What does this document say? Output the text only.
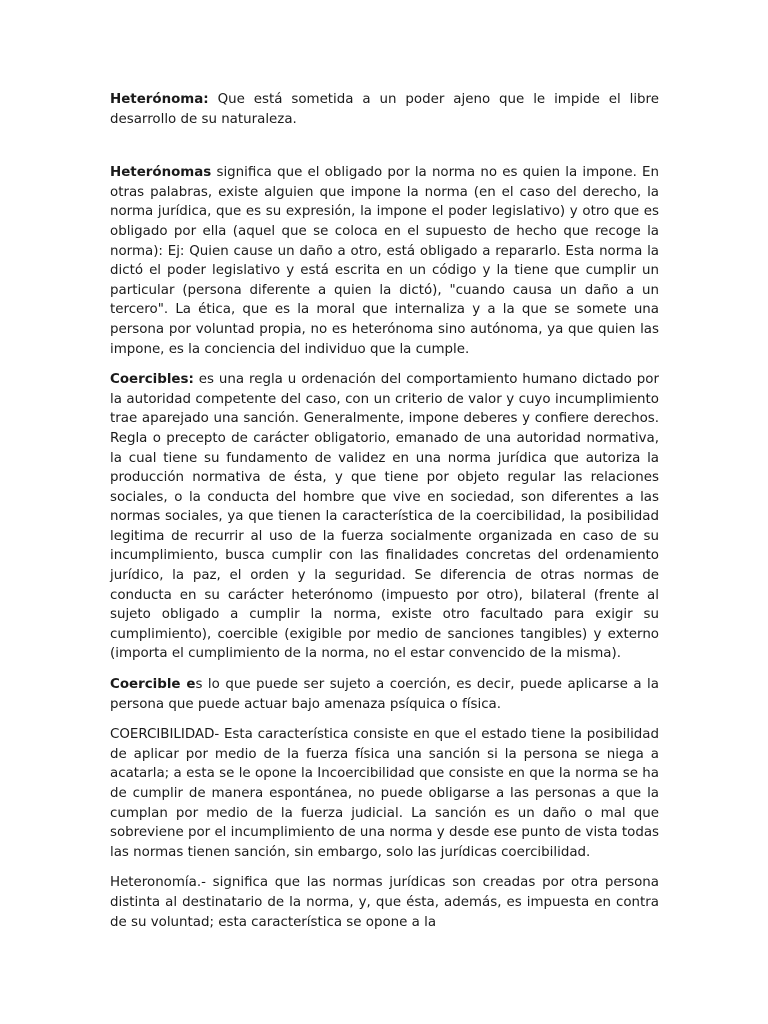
Heterónoma: Que está sometida a un poder ajeno que le impide el libre desarrollo de su naturaleza.

Heterónomas significa que el obligado por la norma no es quien la impone. En otras palabras, existe alguien que impone la norma (en el caso del derecho, la norma jurídica, que es su expresión, la impone el poder legislativo) y otro que es obligado por ella (aquel que se coloca en el supuesto de hecho que recoge la norma): Ej: Quien cause un daño a otro, está obligado a repararlo. Esta norma la dictó el poder legislativo y está escrita en un código y la tiene que cumplir un particular (persona diferente a quien la dictó), "cuando causa un daño a un tercero". La ética, que es la moral que internaliza y a la que se somete una persona por voluntad propia, no es heterónoma sino autónoma, ya que quien las impone, es la conciencia del individuo que la cumple.

Coercibles: es una regla u ordenación del comportamiento humano dictado por la autoridad competente del caso, con un criterio de valor y cuyo incumplimiento trae aparejado una sanción. Generalmente, impone deberes y confiere derechos. Regla o precepto de carácter obligatorio, emanado de una autoridad normativa, la cual tiene su fundamento de validez en una norma jurídica que autoriza la producción normativa de ésta, y que tiene por objeto regular las relaciones sociales, o la conducta del hombre que vive en sociedad, son diferentes a las normas sociales, ya que tienen la característica de la coercibilidad, la posibilidad legitima de recurrir al uso de la fuerza socialmente organizada en caso de su incumplimiento, busca cumplir con las finalidades concretas del ordenamiento jurídico, la paz, el orden y la seguridad. Se diferencia de otras normas de conducta en su carácter heterónomo (impuesto por otro), bilateral (frente al sujeto obligado a cumplir la norma, existe otro facultado para exigir su cumplimiento), coercible (exigible por medio de sanciones tangibles) y externo (importa el cumplimiento de la norma, no el estar convencido de la misma).

Coercible es lo que puede ser sujeto a coerción, es decir, puede aplicarse a la persona que puede actuar bajo amenaza psíquica o física.

COERCIBILIDAD- Esta característica consiste en que el estado tiene la posibilidad de aplicar por medio de la fuerza física una sanción si la persona se niega a acatarla; a esta se le opone la Incoercibilidad que consiste en que la norma se ha de cumplir de manera espontánea, no puede obligarse a las personas a que la cumplan por medio de la fuerza judicial. La sanción es un daño o mal que sobreviene por el incumplimiento de una norma y desde ese punto de vista todas las normas tienen sanción, sin embargo, solo las jurídicas coercibilidad.

Heteronomía.- significa que las normas jurídicas son creadas por otra persona distinta al destinatario de la norma, y, que ésta, además, es impuesta en contra de su voluntad; esta característica se opone a la
